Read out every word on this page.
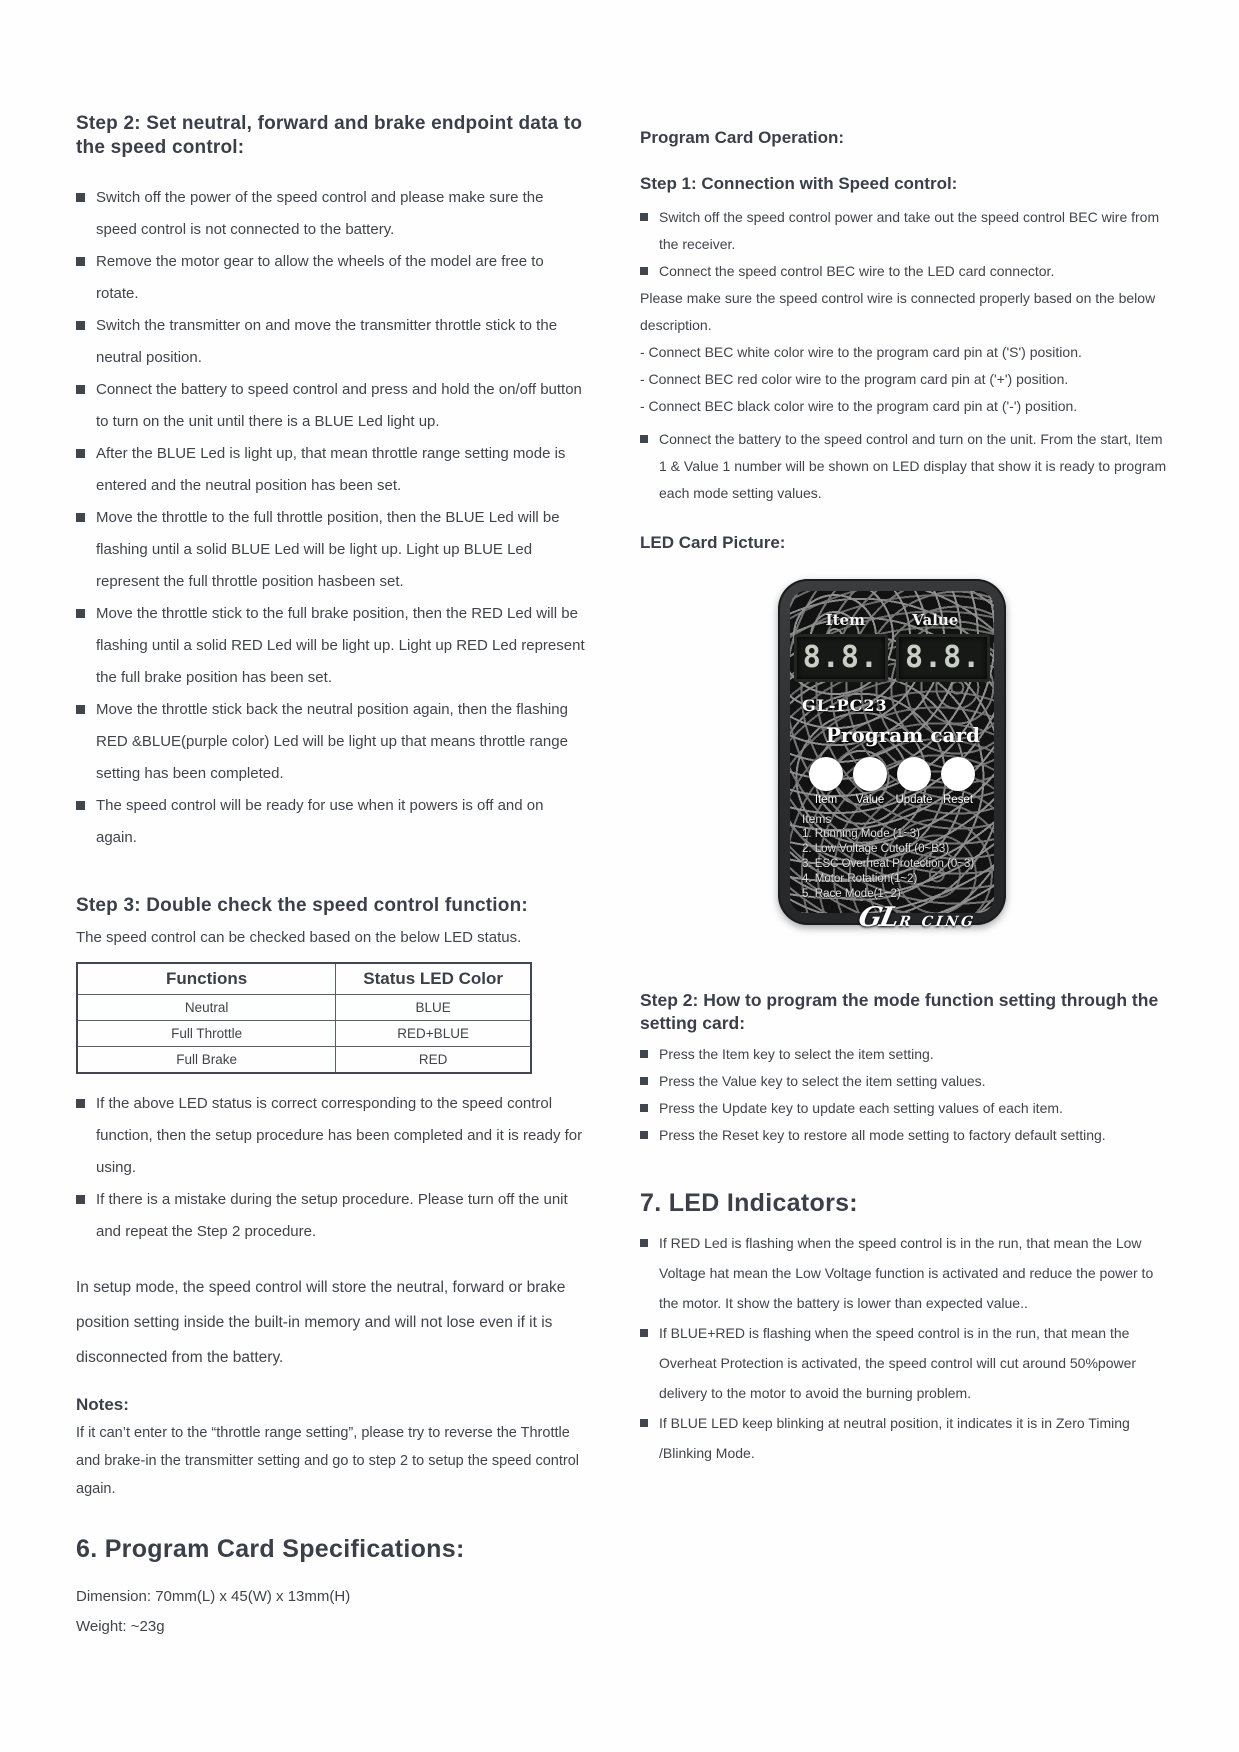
Step 2: Set neutral, forward and brake endpoint data to the speed control:
Switch off the power of the speed control and please make sure the speed control is not connected to the battery.
Remove the motor gear to allow the wheels of the model are free to rotate.
Switch the transmitter on and move the transmitter throttle stick to the neutral position.
Connect the battery to speed control and press and hold the on/off button to turn on the unit until there is a BLUE Led light up.
After the BLUE Led is light up, that mean throttle range setting mode is entered and the neutral position has been set.
Move the throttle to the full throttle position, then the BLUE Led will be flashing until a solid BLUE Led will be light up. Light up BLUE Led represent the full throttle position hasbeen set.
Move the throttle stick to the full brake position, then the RED Led will be flashing until a solid RED Led will be light up. Light up RED Led represent the full brake position has been set.
Move the throttle stick back the neutral position again, then the flashing RED &BLUE(purple color) Led will be light up that means throttle range setting has been completed.
The speed control will be ready for use when it powers is off and on again.
Step 3: Double check the speed control function:
The speed control can be checked based on the below LED status.
Functions	Status LED Color
Neutral	BLUE
Full Throttle	RED+BLUE
Full Brake	RED
If the above LED status is correct corresponding to the speed control function, then the setup procedure has been completed and it is ready for using.
If there is a mistake during the setup procedure. Please turn off the unit and repeat the Step 2 procedure.
In setup mode, the speed control will store the neutral, forward or brake position setting inside the built-in memory and will not lose even if it is disconnected from the battery.
Notes:
If it can’t enter to the “throttle range setting”, please try to reverse the Throttle and brake-in the transmitter setting and go to step 2 to setup the speed control again.
6. Program Card Specifications:
Dimension: 70mm(L) x 45(W) x 13mm(H)
Weight: ~23g
Program Card Operation:
Step 1: Connection with Speed control:
Switch off the speed control power and take out the speed control BEC wire from the receiver.
Connect the speed control BEC wire to the LED card connector.
Please make sure the speed control wire is connected properly based on the below description.
- Connect BEC white color wire to the program card pin at ('S') position.
- Connect BEC red color wire to the program card pin at ('+') position.
- Connect BEC black color wire to the program card pin at ('-') position.
Connect the battery to the speed control and turn on the unit. From the start, Item 1 & Value 1 number will be shown on LED display that show it is ready to program each mode setting values.
LED Card Picture:
Item	Value
8.8. 8.8.
GL-PC23
Program card
Item Value Update Reset
Items
1. Running Mode (1~3)
2. Low Voltage Cutoff (0~B3)
3. ESC Overheat Protection (0~3)
4. Motor Rotation(1~2)
5. Race Mode(1~2)
GL
R CING
Step 2: How to program the mode function setting through the setting card:
Press the Item key to select the item setting.
Press the Value key to select the item setting values.
Press the Update key to update each setting values of each item.
Press the Reset key to restore all mode setting to factory default setting.
7. LED Indicators:
If RED Led is flashing when the speed control is in the run, that mean the Low Voltage hat mean the Low Voltage function is activated and reduce the power to the motor. It show the battery is lower than expected value..
If BLUE+RED is flashing when the speed control is in the run, that mean the Overheat Protection is activated, the speed control will cut around 50%power delivery to the motor to avoid the burning problem.
If BLUE LED keep blinking at neutral position, it indicates it is in Zero Timing /Blinking Mode.
